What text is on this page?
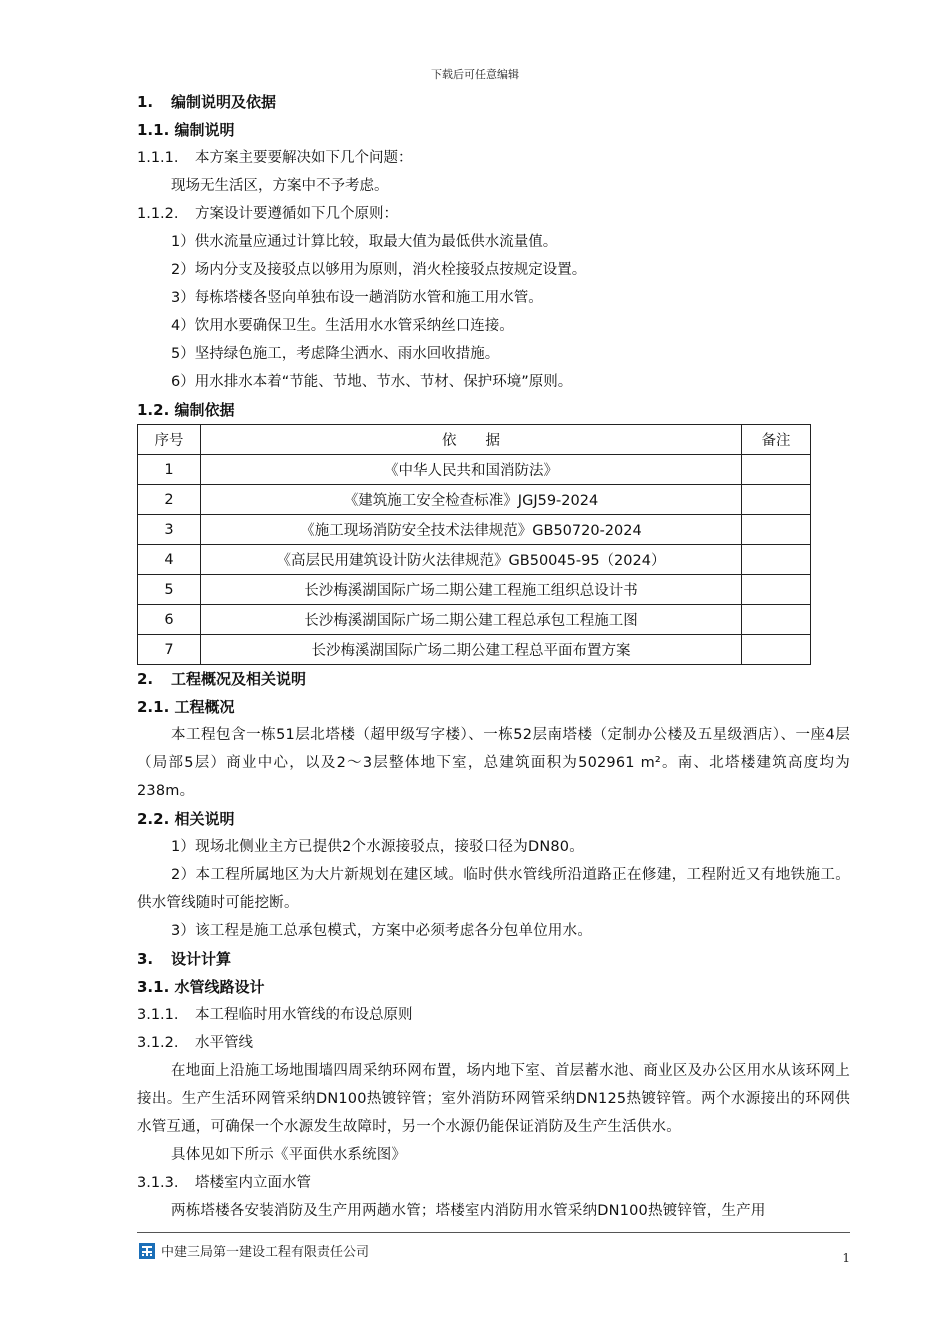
下载后可任意编辑
1. 编制说明及依据
1.1. 编制说明
1.1.1. 本方案主要要解决如下几个问题：
现场无生活区，方案中不予考虑。
1.1.2. 方案设计要遵循如下几个原则：
1）供水流量应通过计算比较，取最大值为最低供水流量值。
2）场内分支及接驳点以够用为原则，消火栓接驳点按规定设置。
3）每栋塔楼各竖向单独布设一趟消防水管和施工用水管。
4）饮用水要确保卫生。生活用水水管采纳丝口连接。
5）坚持绿色施工，考虑降尘洒水、雨水回收措施。
6）用水排水本着“节能、节地、节水、节材、保护环境”原则。
1.2. 编制依据
序号	依　　据	备注
1	《中华人民共和国消防法》	
2	《建筑施工安全检查标准》JGJ59-2024	
3	《施工现场消防安全技术法律规范》GB50720-2024	
4	《高层民用建筑设计防火法律规范》GB50045-95（2024）	
5	长沙梅溪湖国际广场二期公建工程施工组织总设计书	
6	长沙梅溪湖国际广场二期公建工程总承包工程施工图	
7	长沙梅溪湖国际广场二期公建工程总平面布置方案	
2. 工程概况及相关说明
2.1. 工程概况

本工程包含一栋51层北塔楼（超甲级写字楼）、一栋52层南塔楼（定制办公楼及五星级酒店）、一座4层（局部5层）商业中心，以及2～3层整体地下室，总建筑面积为502961 m²。南、北塔楼建筑高度均为238m。

2.2. 相关说明

1）现场北侧业主方已提供2个水源接驳点，接驳口径为DN80。

2）本工程所属地区为大片新规划在建区域。临时供水管线所沿道路正在修建，工程附近又有地铁施工。供水管线随时可能挖断。

3）该工程是施工总承包模式，方案中必须考虑各分包单位用水。

3. 设计计算
3.1. 水管线路设计
3.1.1. 本工程临时用水管线的布设总原则
3.1.2. 水平管线

在地面上沿施工场地围墙四周采纳环网布置，场内地下室、首层蓄水池、商业区及办公区用水从该环网上接出。生产生活环网管采纳DN100热镀锌管；室外消防环网管采纳DN125热镀锌管。两个水源接出的环网供水管互通，可确保一个水源发生故障时，另一个水源仍能保证消防及生产生活供水。

具体见如下所示《平面供水系统图》

3.1.3. 塔楼室内立面水管

两栋塔楼各安装消防及生产用两趟水管；塔楼室内消防用水管采纳DN100热镀锌管，生产用

中建三局第一建设工程有限责任公司	1
